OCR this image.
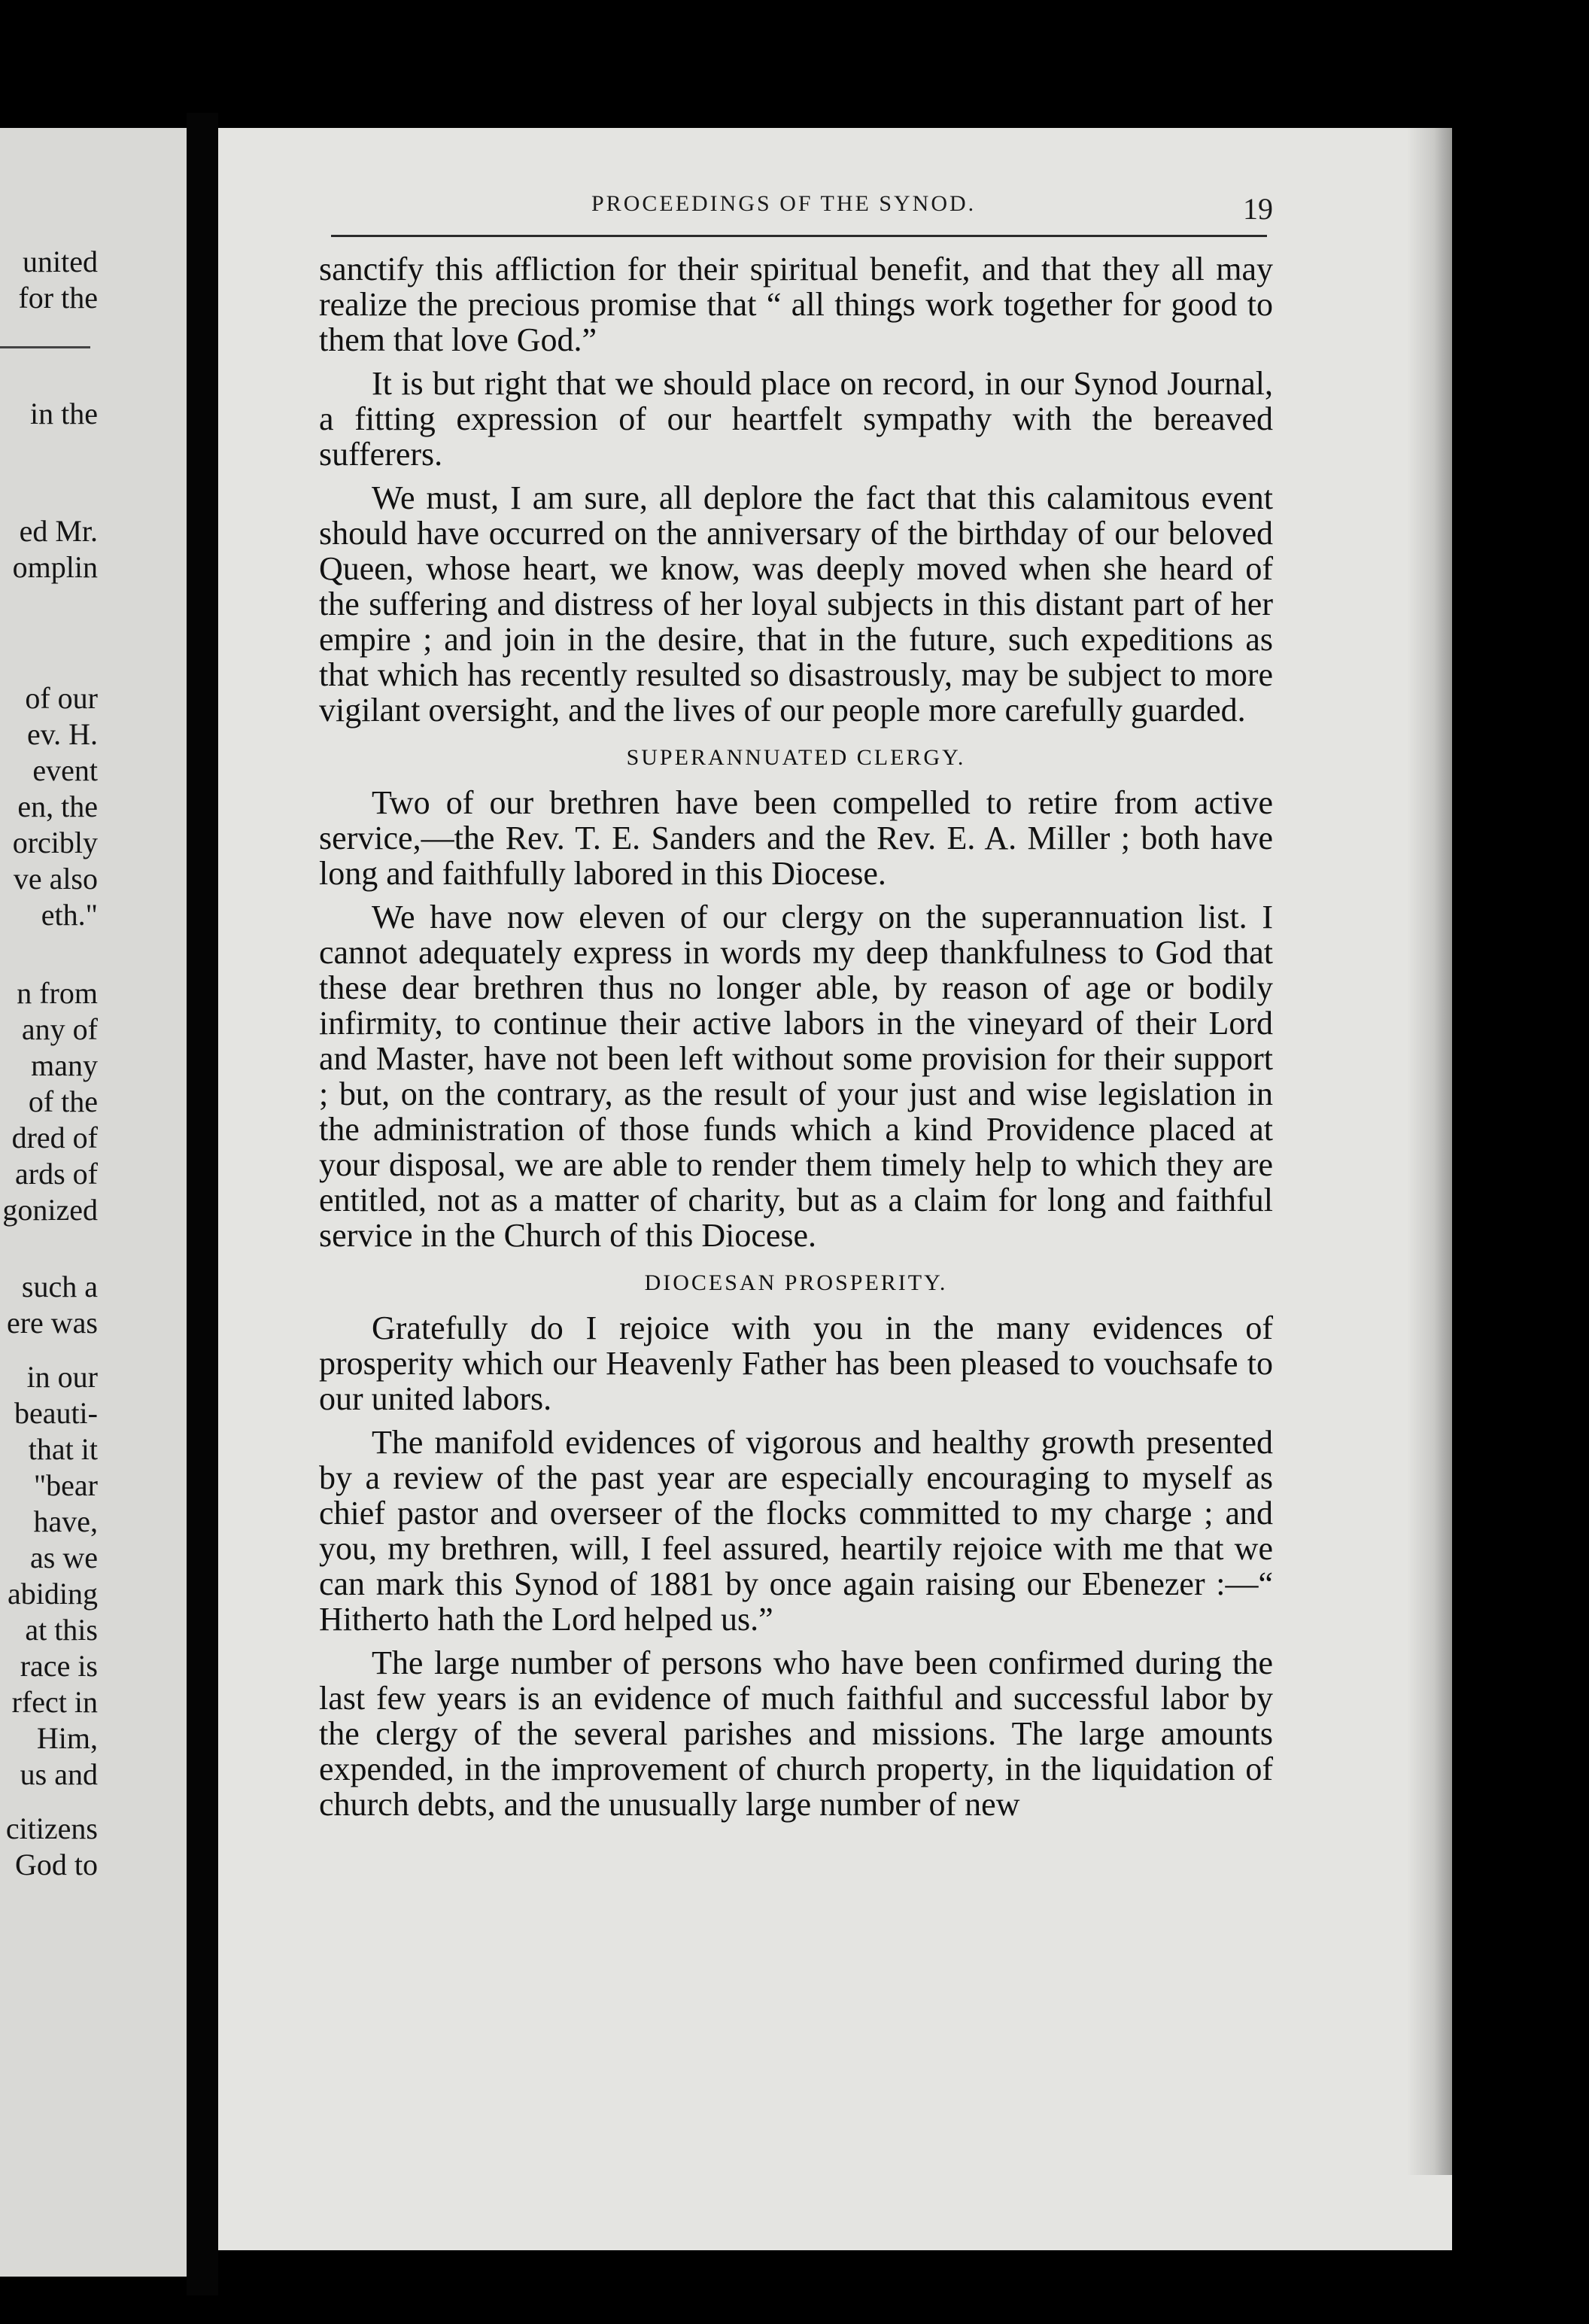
united
for the
in the
ed Mr.
omplin
of our
ev. H.
event
en, the
orcibly
ve also
eth."
n from
any of
many
of the
dred of
ards of
gonized
such a
ere was
in our
beauti-
that it
"bear
have,
as we
abiding
at this
race is
rfect in
Him,
us and
citizens
God to
PROCEEDINGS OF THE SYNOD.	19

sanctify this affliction for their spiritual benefit, and that they all may realize the precious promise that “ all things work together for good to them that love God.”

It is but right that we should place on record, in our Synod Journal, a fitting expression of our heartfelt sympathy with the bereaved sufferers.

We must, I am sure, all deplore the fact that this calamitous event should have occurred on the anniversary of the birthday of our beloved Queen, whose heart, we know, was deeply moved when she heard of the suffering and distress of her loyal subjects in this distant part of her empire ; and join in the desire, that in the future, such expeditions as that which has recently resulted so disastrously, may be subject to more vigilant oversight, and the lives of our people more carefully guarded.

SUPERANNUATED CLERGY.

Two of our brethren have been compelled to retire from active service,—the Rev. T. E. Sanders and the Rev. E. A. Miller ; both have long and faithfully labored in this Diocese.

We have now eleven of our clergy on the superannuation list. I cannot adequately express in words my deep thankfulness to God that these dear brethren thus no longer able, by reason of age or bodily infirmity, to continue their active labors in the vineyard of their Lord and Master, have not been left without some provision for their support ; but, on the contrary, as the result of your just and wise legislation in the administration of those funds which a kind Providence placed at your disposal, we are able to render them timely help to which they are entitled, not as a matter of charity, but as a claim for long and faithful service in the Church of this Diocese.

DIOCESAN PROSPERITY.

Gratefully do I rejoice with you in the many evidences of prosperity which our Heavenly Father has been pleased to vouchsafe to our united labors.

The manifold evidences of vigorous and healthy growth presented by a review of the past year are especially encouraging to myself as chief pastor and overseer of the flocks committed to my charge ; and you, my brethren, will, I feel assured, heartily rejoice with me that we can mark this Synod of 1881 by once again raising our Ebenezer :—“ Hitherto hath the Lord helped us.”

The large number of persons who have been confirmed during the last few years is an evidence of much faithful and successful labor by the clergy of the several parishes and missions. The large amounts expended, in the improvement of church property, in the liquidation of church debts, and the unusually large number of new
